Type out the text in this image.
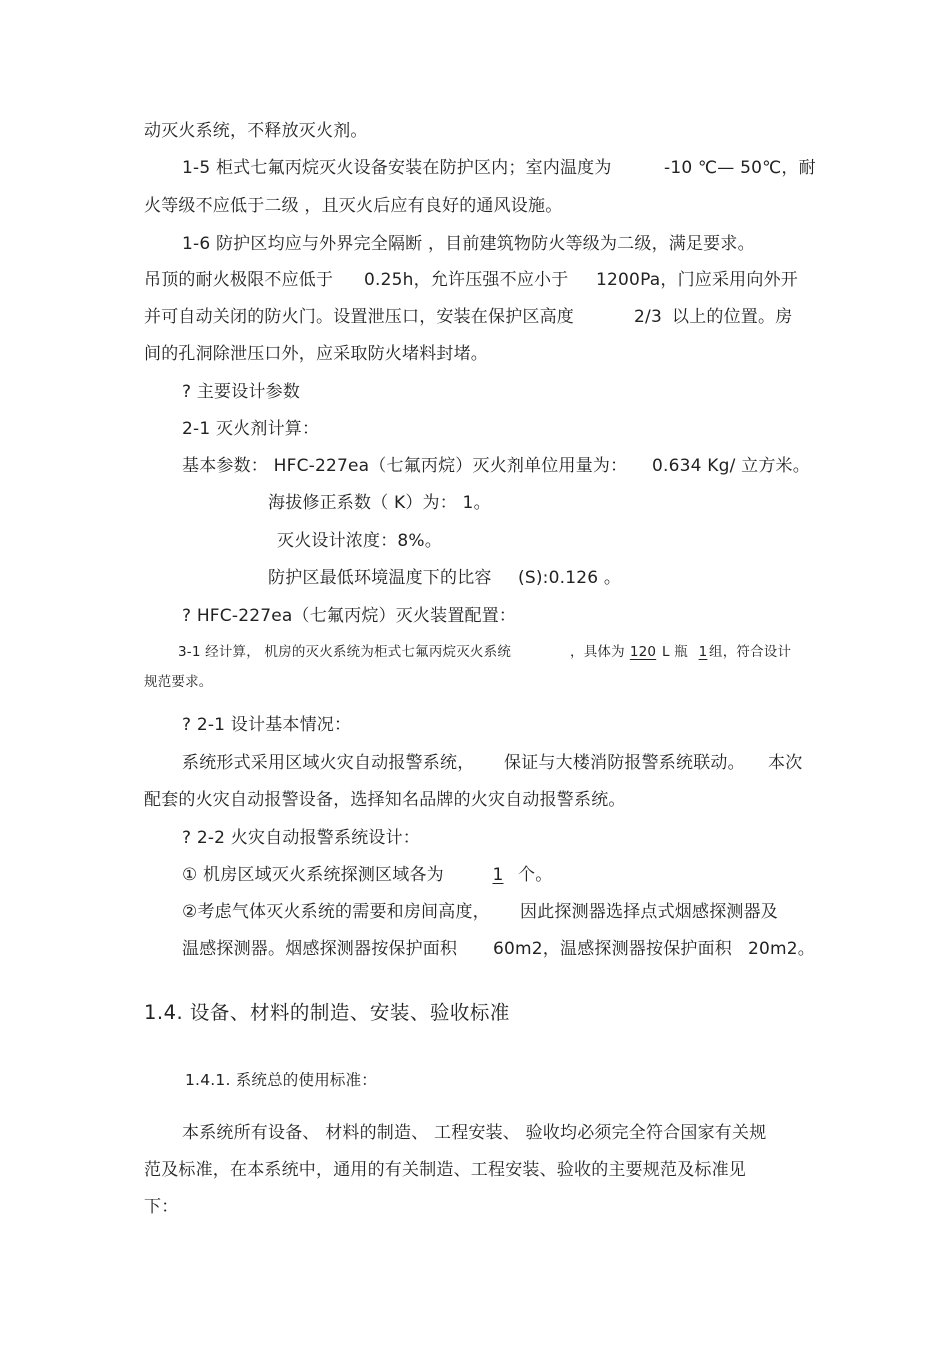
动灭火系统，不释放灭火剂。
1-5 柜式七氟丙烷灭火设备安装在防护区内；室内温度为	-10 ℃— 50℃，耐
火等级不应低于二级 ，且灭火后应有良好的通风设施。
1-6 防护区均应与外界完全隔断 ，目前建筑物防火等级为二级，满足要求。
吊顶的耐火极限不应低于 0.25h，允许压强不应小于 1200Pa，门应采用向外开
并可自动关闭的防火门。设置泄压口，安装在保护区高度	2/3 以上的位置。房
间的孔洞除泄压口外，应采取防火堵料封堵。
? 主要设计参数
2-1 灭火剂计算：
基本参数： HFC-227ea（七氟丙烷）灭火剂单位用量为： 0.634 Kg/ 立方米。
海拔修正系数（ K）为： 1。
灭火设计浓度：8%。
防护区最低环境温度下的比容 (S):0.126 。
? HFC-227ea（七氟丙烷）灭火装置配置：
3-1 经计算， 机房的灭火系统为柜式七氟丙烷灭火系统	，具体为 120 L 瓶 1 组，符合设计
规范要求。
? 2-1 设计基本情况：
系统形式采用区域火灾自动报警系统， 保证与大楼消防报警系统联动。 本次
配套的火灾自动报警设备，选择知名品牌的火灾自动报警系统。
? 2-2 火灾自动报警系统设计：
① 机房区域灭火系统探测区域各为	1 个。
②考虑气体灭火系统的需要和房间高度， 因此探测器选择点式烟感探测器及
温感探测器。烟感探测器按保护面积 60m2，温感探测器按保护面积 20m2。
1.4. 设备、材料的制造、安装、验收标准
1.4.1. 系统总的使用标准：
本系统所有设备、 材料的制造、 工程安装、 验收均必须完全符合国家有关规
范及标准，在本系统中，通用的有关制造、工程安装、验收的主要规范及标准见
下：
